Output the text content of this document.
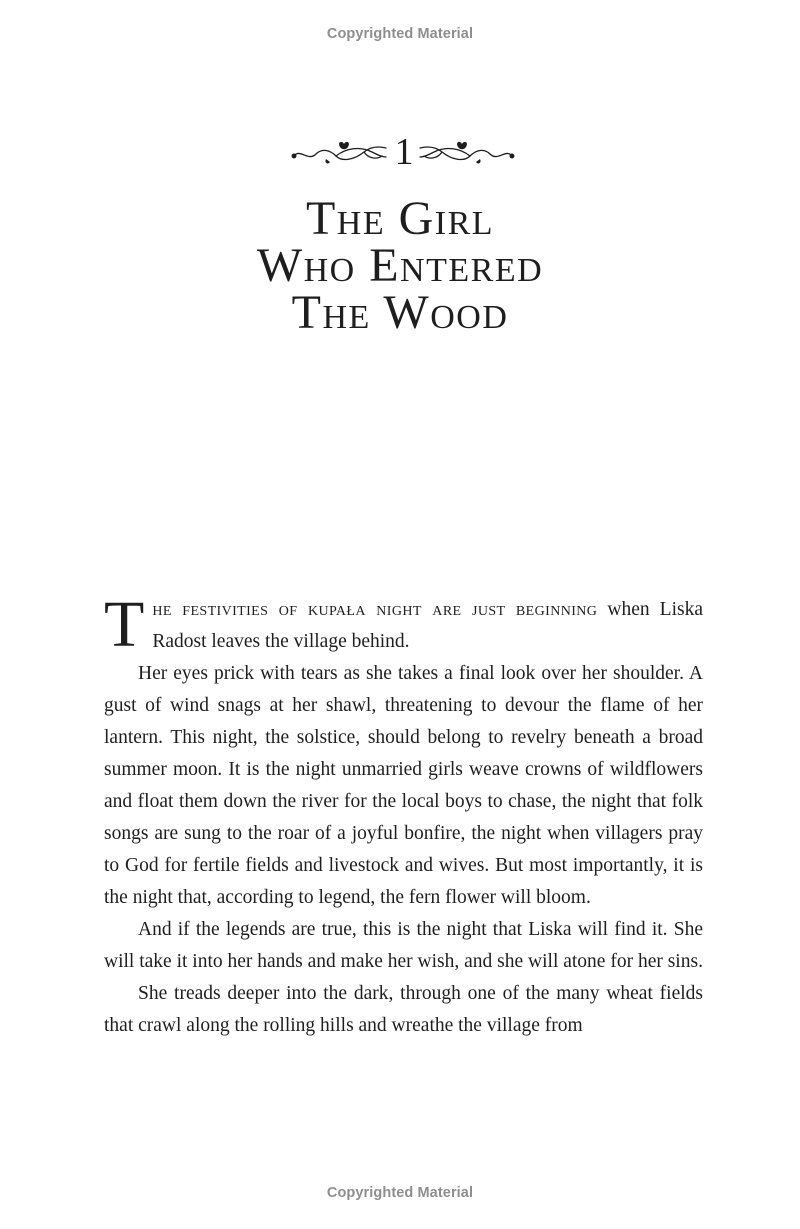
Copyrighted Material
1
The Girl
Who Entered
The Wood

The festivities of kupała night are just beginning when Liska Radost leaves the village behind.

Her eyes prick with tears as she takes a final look over her shoulder. A gust of wind snags at her shawl, threatening to devour the flame of her lantern. This night, the solstice, should belong to revelry beneath a broad summer moon. It is the night unmarried girls weave crowns of wildflowers and float them down the river for the local boys to chase, the night that folk songs are sung to the roar of a joyful bonfire, the night when villagers pray to God for fertile fields and livestock and wives. But most importantly, it is the night that, according to legend, the fern flower will bloom.

And if the legends are true, this is the night that Liska will find it. She will take it into her hands and make her wish, and she will atone for her sins.

She treads deeper into the dark, through one of the many wheat fields that crawl along the rolling hills and wreathe the village from

Copyrighted Material
